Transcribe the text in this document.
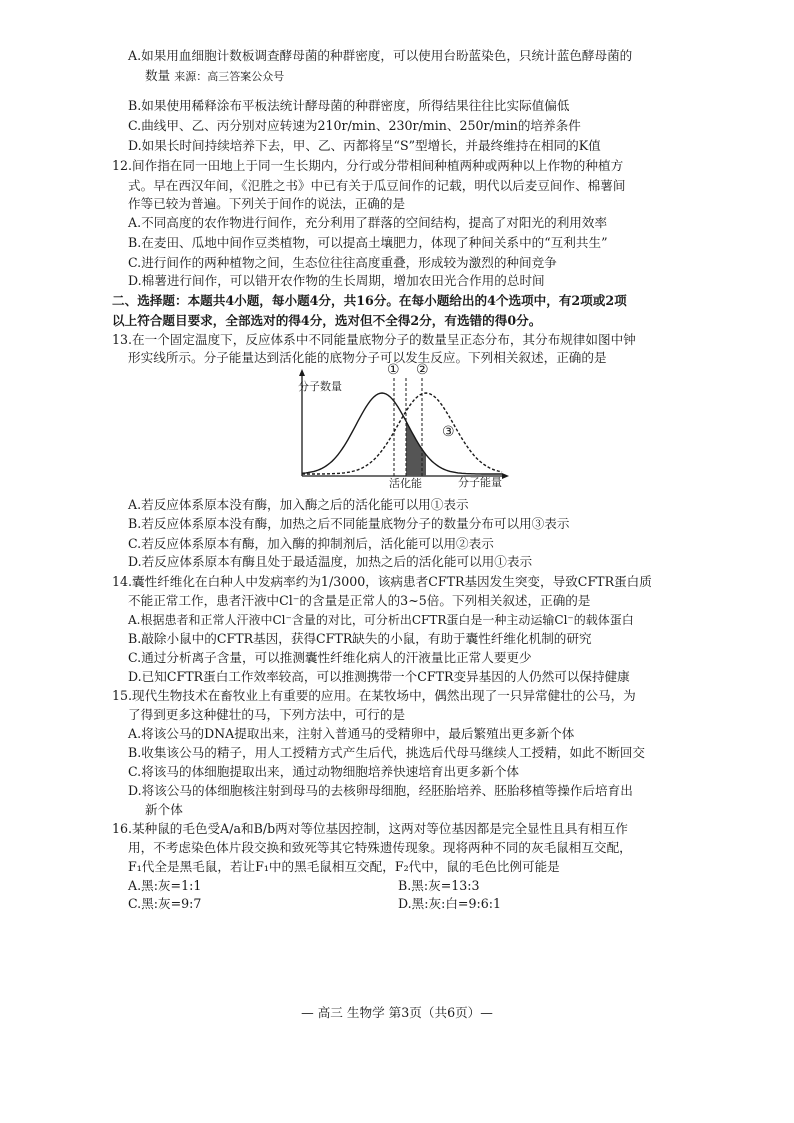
A.如果用血细胞计数板调查酵母菌的种群密度，可以使用台盼蓝染色，只统计蓝色酵母菌的
数量 来源：高三答案公众号
B.如果使用稀释涂布平板法统计酵母菌的种群密度，所得结果往往比实际值偏低
C.曲线甲、乙、丙分别对应转速为210r/min、230r/min、250r/min的培养条件
D.如果长时间持续培养下去，甲、乙、丙都将呈“S”型增长，并最终维持在相同的K值
12.间作指在同一田地上于同一生长期内，分行或分带相间种植两种或两种以上作物的种植方
式。早在西汉年间，《氾胜之书》中已有关于瓜豆间作的记载，明代以后麦豆间作、棉薯间
作等已较为普遍。下列关于间作的说法，正确的是
A.不同高度的农作物进行间作，充分利用了群落的空间结构，提高了对阳光的利用效率
B.在麦田、瓜地中间作豆类植物，可以提高土壤肥力，体现了种间关系中的“互利共生”
C.进行间作的两种植物之间，生态位往往高度重叠，形成较为激烈的种间竞争
D.棉薯进行间作，可以错开农作物的生长周期，增加农田光合作用的总时间
二、选择题：本题共4小题，每小题4分，共16分。在每小题给出的4个选项中，有2项或2项
以上符合题目要求，全部选对的得4分，选对但不全得2分，有选错的得0分。
13.在一个固定温度下，反应体系中不同能量底物分子的数量呈正态分布，其分布规律如图中钟
形实线所示。分子能量达到活化能的底物分子可以发生反应。下列相关叙述，正确的是
分子数量
分子能量
① ②
③
活化能
A.若反应体系原本没有酶，加入酶之后的活化能可以用①表示
B.若反应体系原本没有酶，加热之后不同能量底物分子的数量分布可以用③表示
C.若反应体系原本有酶，加入酶的抑制剂后，活化能可以用②表示
D.若反应体系原本有酶且处于最适温度，加热之后的活化能可以用①表示
14.囊性纤维化在白种人中发病率约为1/3000，该病患者CFTR基因发生突变，导致CFTR蛋白质
不能正常工作，患者汗液中Cl⁻的含量是正常人的3~5倍。下列相关叙述，正确的是
A.根据患者和正常人汗液中Cl⁻含量的对比，可分析出CFTR蛋白是一种主动运输Cl⁻的载体蛋白
B.敲除小鼠中的CFTR基因，获得CFTR缺失的小鼠，有助于囊性纤维化机制的研究
C.通过分析离子含量，可以推测囊性纤维化病人的汗液量比正常人要更少
D.已知CFTR蛋白工作效率较高，可以推测携带一个CFTR变异基因的人仍然可以保持健康
15.现代生物技术在畜牧业上有重要的应用。在某牧场中，偶然出现了一只异常健壮的公马，为
了得到更多这种健壮的马，下列方法中，可行的是
A.将该公马的DNA提取出来，注射入普通马的受精卵中，最后繁殖出更多新个体
B.收集该公马的精子，用人工授精方式产生后代，挑选后代母马继续人工授精，如此不断回交
C.将该马的体细胞提取出来，通过动物细胞培养快速培育出更多新个体
D.将该公马的体细胞核注射到母马的去核卵母细胞，经胚胎培养、胚胎移植等操作后培育出
新个体
16.某种鼠的毛色受A/a和B/b两对等位基因控制，这两对等位基因都是完全显性且具有相互作
用，不考虑染色体片段交换和致死等其它特殊遗传现象。现将两种不同的灰毛鼠相互交配，
F₁代全是黑毛鼠，若让F₁中的黑毛鼠相互交配，F₂代中，鼠的毛色比例可能是
A.黑:灰=1:1	B.黑:灰=13:3
C.黑:灰=9:7	D.黑:灰:白=9:6:1
— 高三 生物学 第3页（共6页）—
